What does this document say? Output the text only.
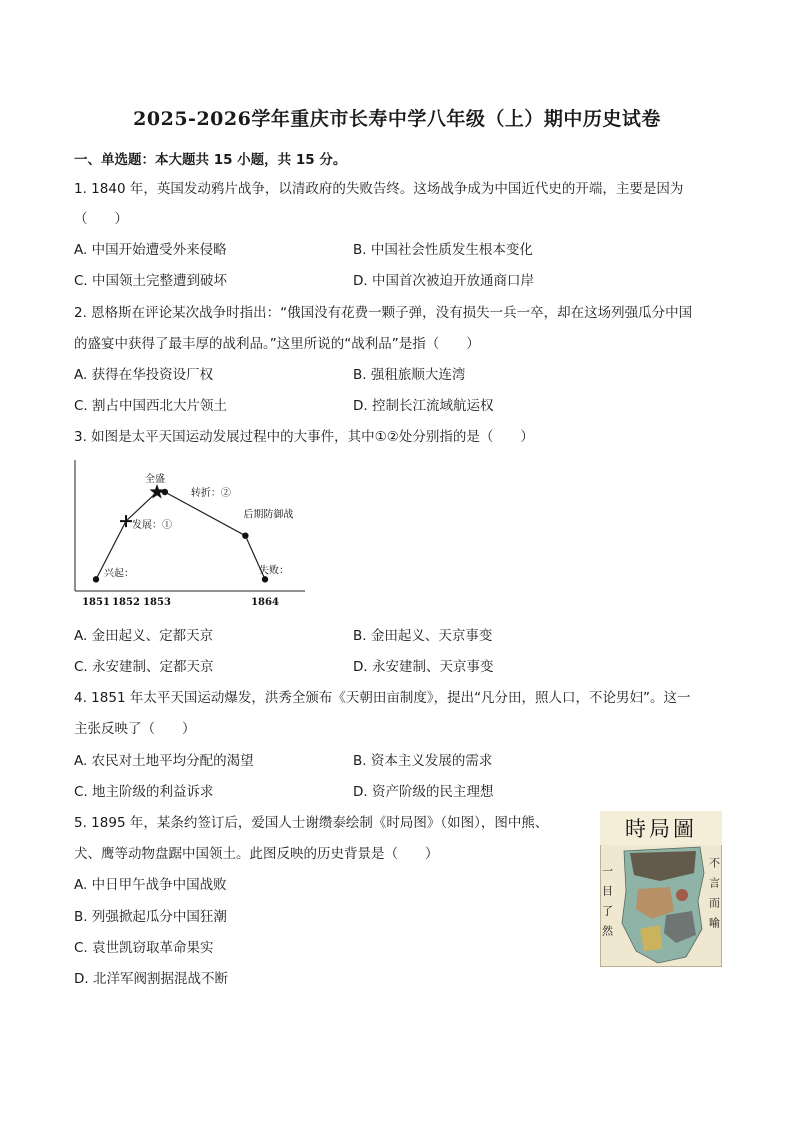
2025-2026学年重庆市长寿中学八年级（上）期中历史试卷
一、单选题：本大题共 15 小题，共 15 分。
1. 1840 年，英国发动鸦片战争，以清政府的失败告终。这场战争成为中国近代史的开端，主要是因为
（　　）
A. 中国开始遭受外来侵略	B. 中国社会性质发生根本变化
C. 中国领土完整遭到破坏	D. 中国首次被迫开放通商口岸
2. 恩格斯在评论某次战争时指出：“俄国没有花费一颗子弹，没有损失一兵一卒，却在这场列强瓜分中国
的盛宴中获得了最丰厚的战利品。”这里所说的“战利品”是指（　　）
A. 获得在华投资设厂权	B. 强租旅顺大连湾
C. 割占中国西北大片领土	D. 控制长江流域航运权
3. 如图是太平天国运动发展过程中的大事件，其中①②处分别指的是（　　）
兴起：
发展：①
全盛
转折：②
后期防御战
失败：
1851 1852 1853	1864
A. 金田起义、定都天京	B. 金田起义、天京事变
C. 永安建制、定都天京	D. 永安建制、天京事变
4. 1851 年太平天国运动爆发，洪秀全颁布《天朝田亩制度》，提出“凡分田，照人口，不论男妇”。这一
主张反映了（　　）
A. 农民对土地平均分配的渴望	B. 资本主义发展的需求
C. 地主阶级的利益诉求	D. 资产阶级的民主理想
5. 1895 年，某条约签订后，爱国人士谢缵泰绘制《时局图》（如图），图中熊、
犬、鹰等动物盘踞中国领土。此图反映的历史背景是（　　）
A. 中日甲午战争中国战败
B. 列强掀起瓜分中国狂潮
C. 袁世凯窃取革命果实
D. 北洋军阀割据混战不断
時局圖
一目了然	不言而喻
